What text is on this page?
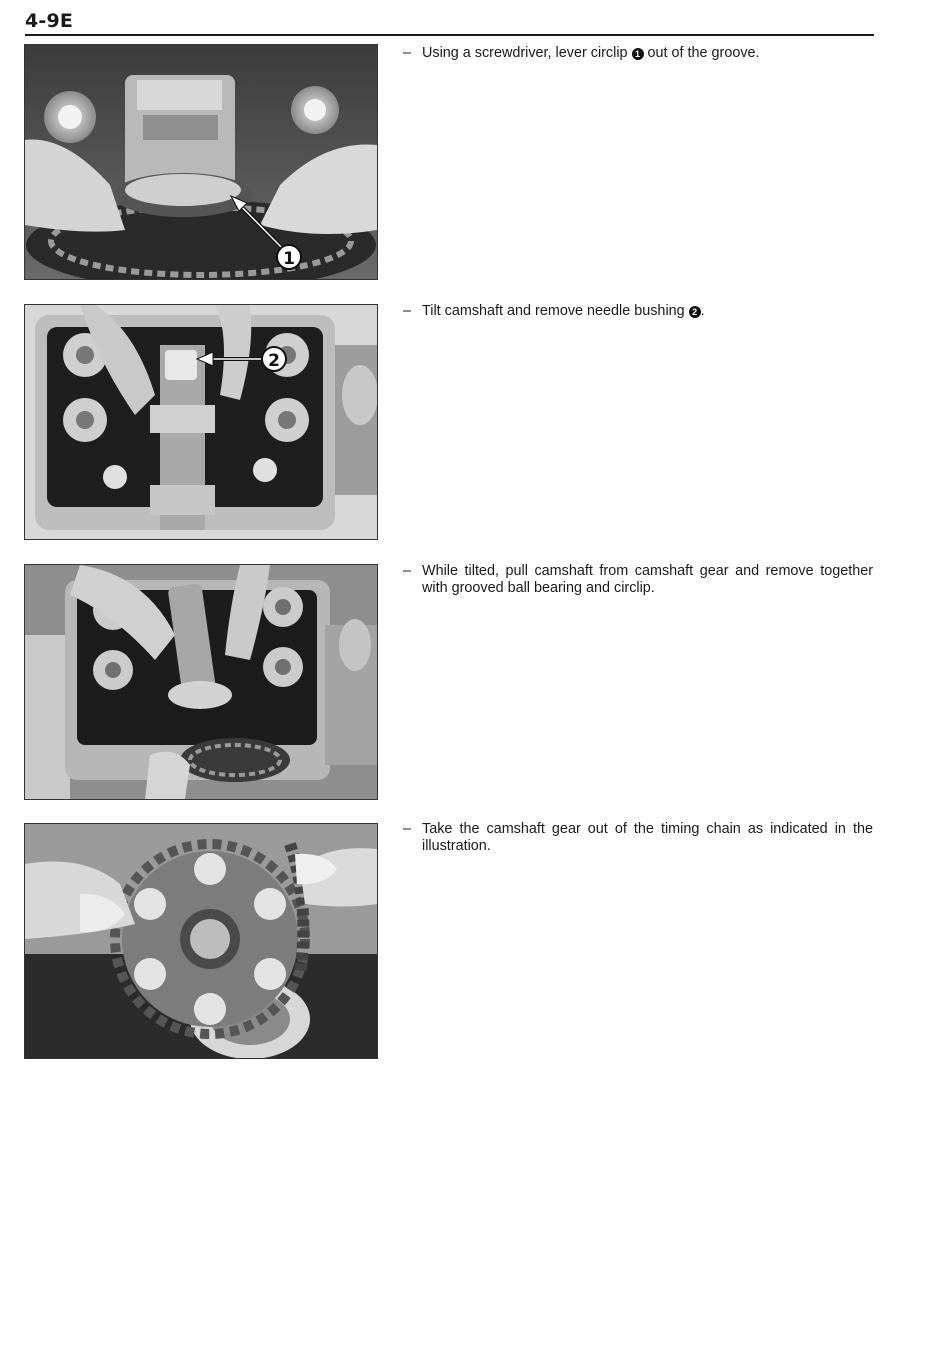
4-9E
1
– Using a screwdriver, lever circlip 1 out of the groove.
2
– Tilt camshaft and remove needle bushing 2 .
– While tilted, pull camshaft from camshaft gear and remove together
with grooved ball bearing and circlip.
– Take the camshaft gear out of the timing chain as indicated in the
illustration.
